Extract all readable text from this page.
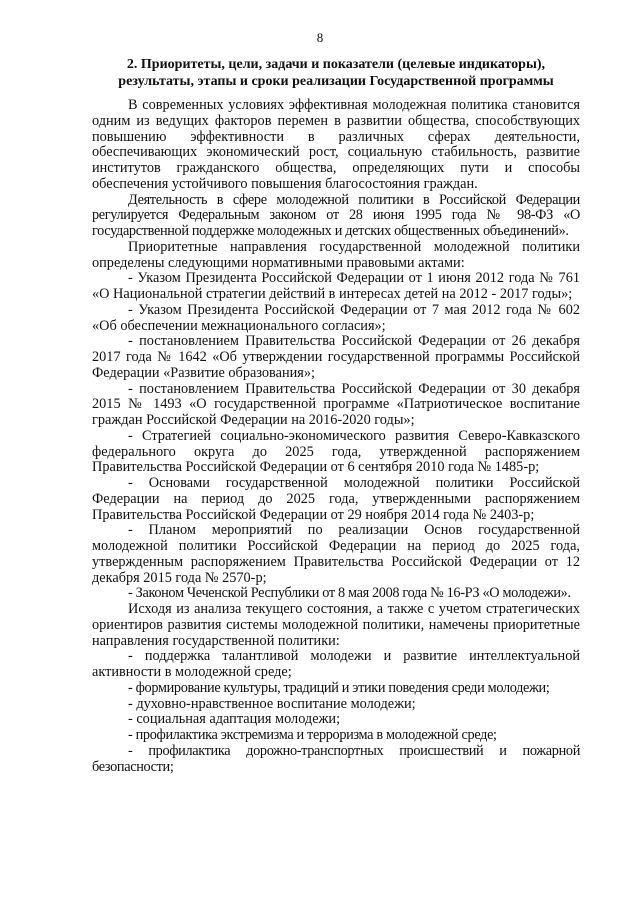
8
2. Приоритеты, цели, задачи и показатели (целевые индикаторы), результаты, этапы и сроки реализации Государственной программы

В современных условиях эффективная молодежная политика становится одним из ведущих факторов перемен в развитии общества, способствующих повышению эффективности в различных сферах деятельности, обеспечивающих экономический рост, социальную стабильность, развитие институтов гражданского общества, определяющих пути и способы обеспечения устойчивого повышения благосостояния граждан.

Деятельность в сфере молодежной политики в Российской Федерации регулируется Федеральным законом от 28 июня 1995 года № 98-ФЗ «О государственной поддержке молодежных и детских общественных объединений».

Приоритетные направления государственной молодежной политики определены следующими нормативными правовыми актами:

- Указом Президента Российской Федерации от 1 июня 2012 года № 761 «О Национальной стратегии действий в интересах детей на 2012 - 2017 годы»;

- Указом Президента Российской Федерации от 7 мая 2012 года № 602 «Об обеспечении межнационального согласия»;

- постановлением Правительства Российской Федерации от 26 декабря 2017 года № 1642 «Об утверждении государственной программы Российской Федерации «Развитие образования»;

- постановлением Правительства Российской Федерации от 30 декабря 2015 № 1493 «О государственной программе «Патриотическое воспитание граждан Российской Федерации на 2016-2020 годы»;

- Стратегией социально-экономического развития Северо-Кавказского федерального округа до 2025 года, утвержденной распоряжением Правительства Российской Федерации от 6 сентября 2010 года № 1485-р;

- Основами государственной молодежной политики Российской Федерации на период до 2025 года, утвержденными распоряжением Правительства Российской Федерации от 29 ноября 2014 года № 2403-р;

- Планом мероприятий по реализации Основ государственной молодежной политики Российской Федерации на период до 2025 года, утвержденным распоряжением Правительства Российской Федерации от 12 декабря 2015 года № 2570-р;

- Законом Чеченской Республики от 8 мая 2008 года № 16-РЗ «О молодежи».

Исходя из анализа текущего состояния, а также с учетом стратегических ориентиров развития системы молодежной политики, намечены приоритетные направления государственной политики:

- поддержка талантливой молодежи и развитие интеллектуальной активности в молодежной среде;

- формирование культуры, традиций и этики поведения среди молодежи;

- духовно-нравственное воспитание молодежи;

- социальная адаптация молодежи;

- профилактика экстремизма и терроризма в молодежной среде;

- профилактика дорожно-транспортных происшествий и пожарной безопасности;
